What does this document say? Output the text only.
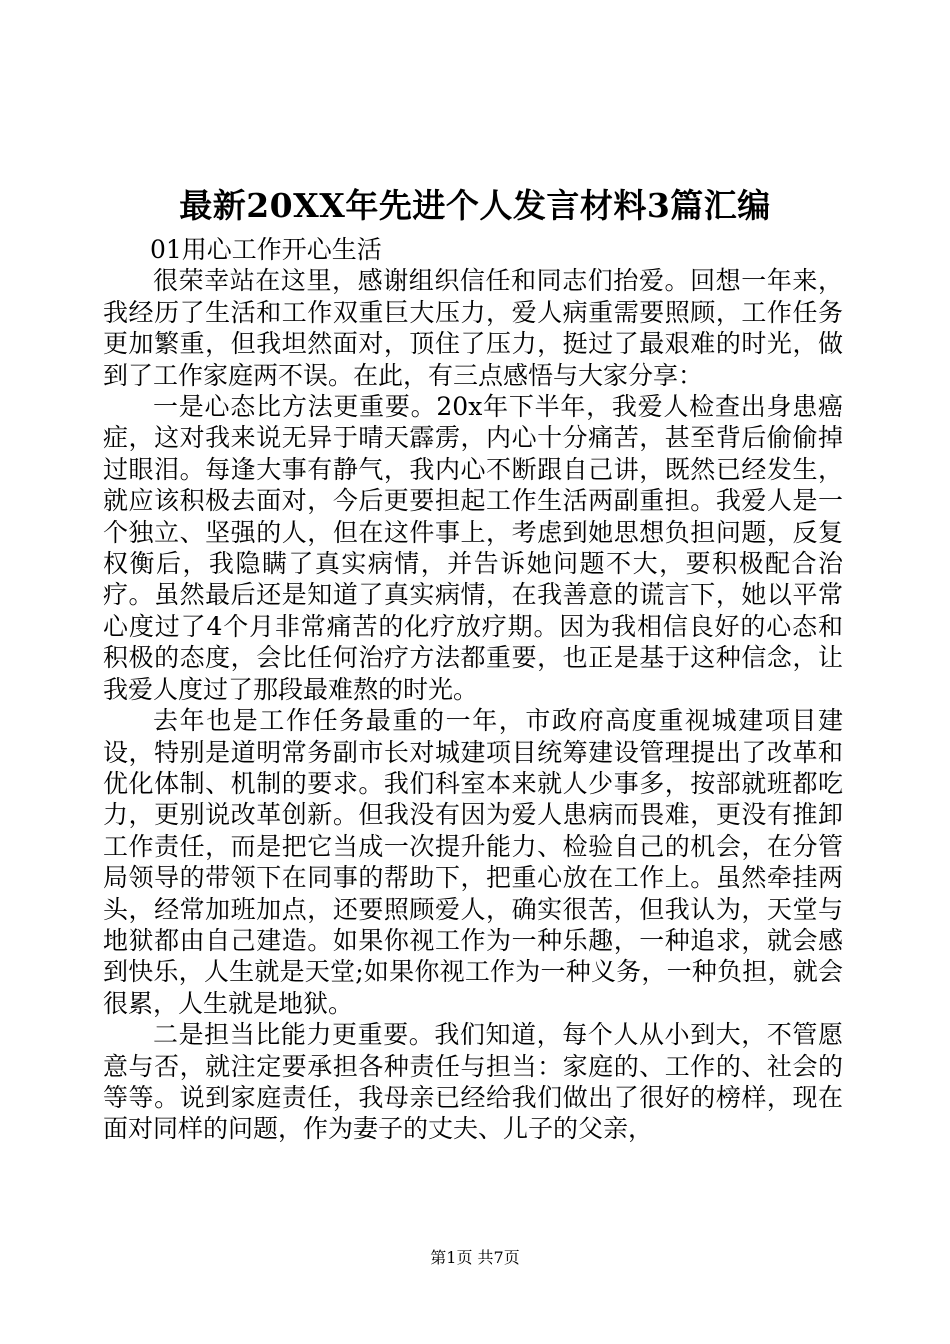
最新20XX年先进个人发言材料3篇汇编
01用心工作开心生活

很荣幸站在这里，感谢组织信任和同志们抬爱。回想一年来，我经历了生活和工作双重巨大压力，爱人病重需要照顾，工作任务更加繁重，但我坦然面对，顶住了压力，挺过了最艰难的时光，做到了工作家庭两不误。在此，有三点感悟与大家分享：

一是心态比方法更重要。20x年下半年，我爱人检查出身患癌症，这对我来说无异于晴天霹雳，内心十分痛苦，甚至背后偷偷掉过眼泪。每逢大事有静气，我内心不断跟自己讲，既然已经发生，就应该积极去面对，今后更要担起工作生活两副重担。我爱人是一个独立、坚强的人，但在这件事上，考虑到她思想负担问题，反复权衡后，我隐瞒了真实病情，并告诉她问题不大，要积极配合治疗。虽然最后还是知道了真实病情，在我善意的谎言下，她以平常心度过了4个月非常痛苦的化疗放疗期。因为我相信良好的心态和积极的态度，会比任何治疗方法都重要，也正是基于这种信念，让我爱人度过了那段最难熬的时光。

去年也是工作任务最重的一年，市政府高度重视城建项目建设，特别是道明常务副市长对城建项目统筹建设管理提出了改革和优化体制、机制的要求。我们科室本来就人少事多，按部就班都吃力，更别说改革创新。但我没有因为爱人患病而畏难，更没有推卸工作责任，而是把它当成一次提升能力、检验自己的机会，在分管局领导的带领下在同事的帮助下，把重心放在工作上。虽然牵挂两头，经常加班加点，还要照顾爱人，确实很苦，但我认为，天堂与地狱都由自己建造。如果你视工作为一种乐趣，一种追求，就会感到快乐，人生就是天堂;如果你视工作为一种义务，一种负担，就会很累，人生就是地狱。

二是担当比能力更重要。我们知道，每个人从小到大，不管愿意与否，就注定要承担各种责任与担当：家庭的、工作的、社会的等等。说到家庭责任，我母亲已经给我们做出了很好的榜样，现在面对同样的问题，作为妻子的丈夫、儿子的父亲，

第1页 共7页
